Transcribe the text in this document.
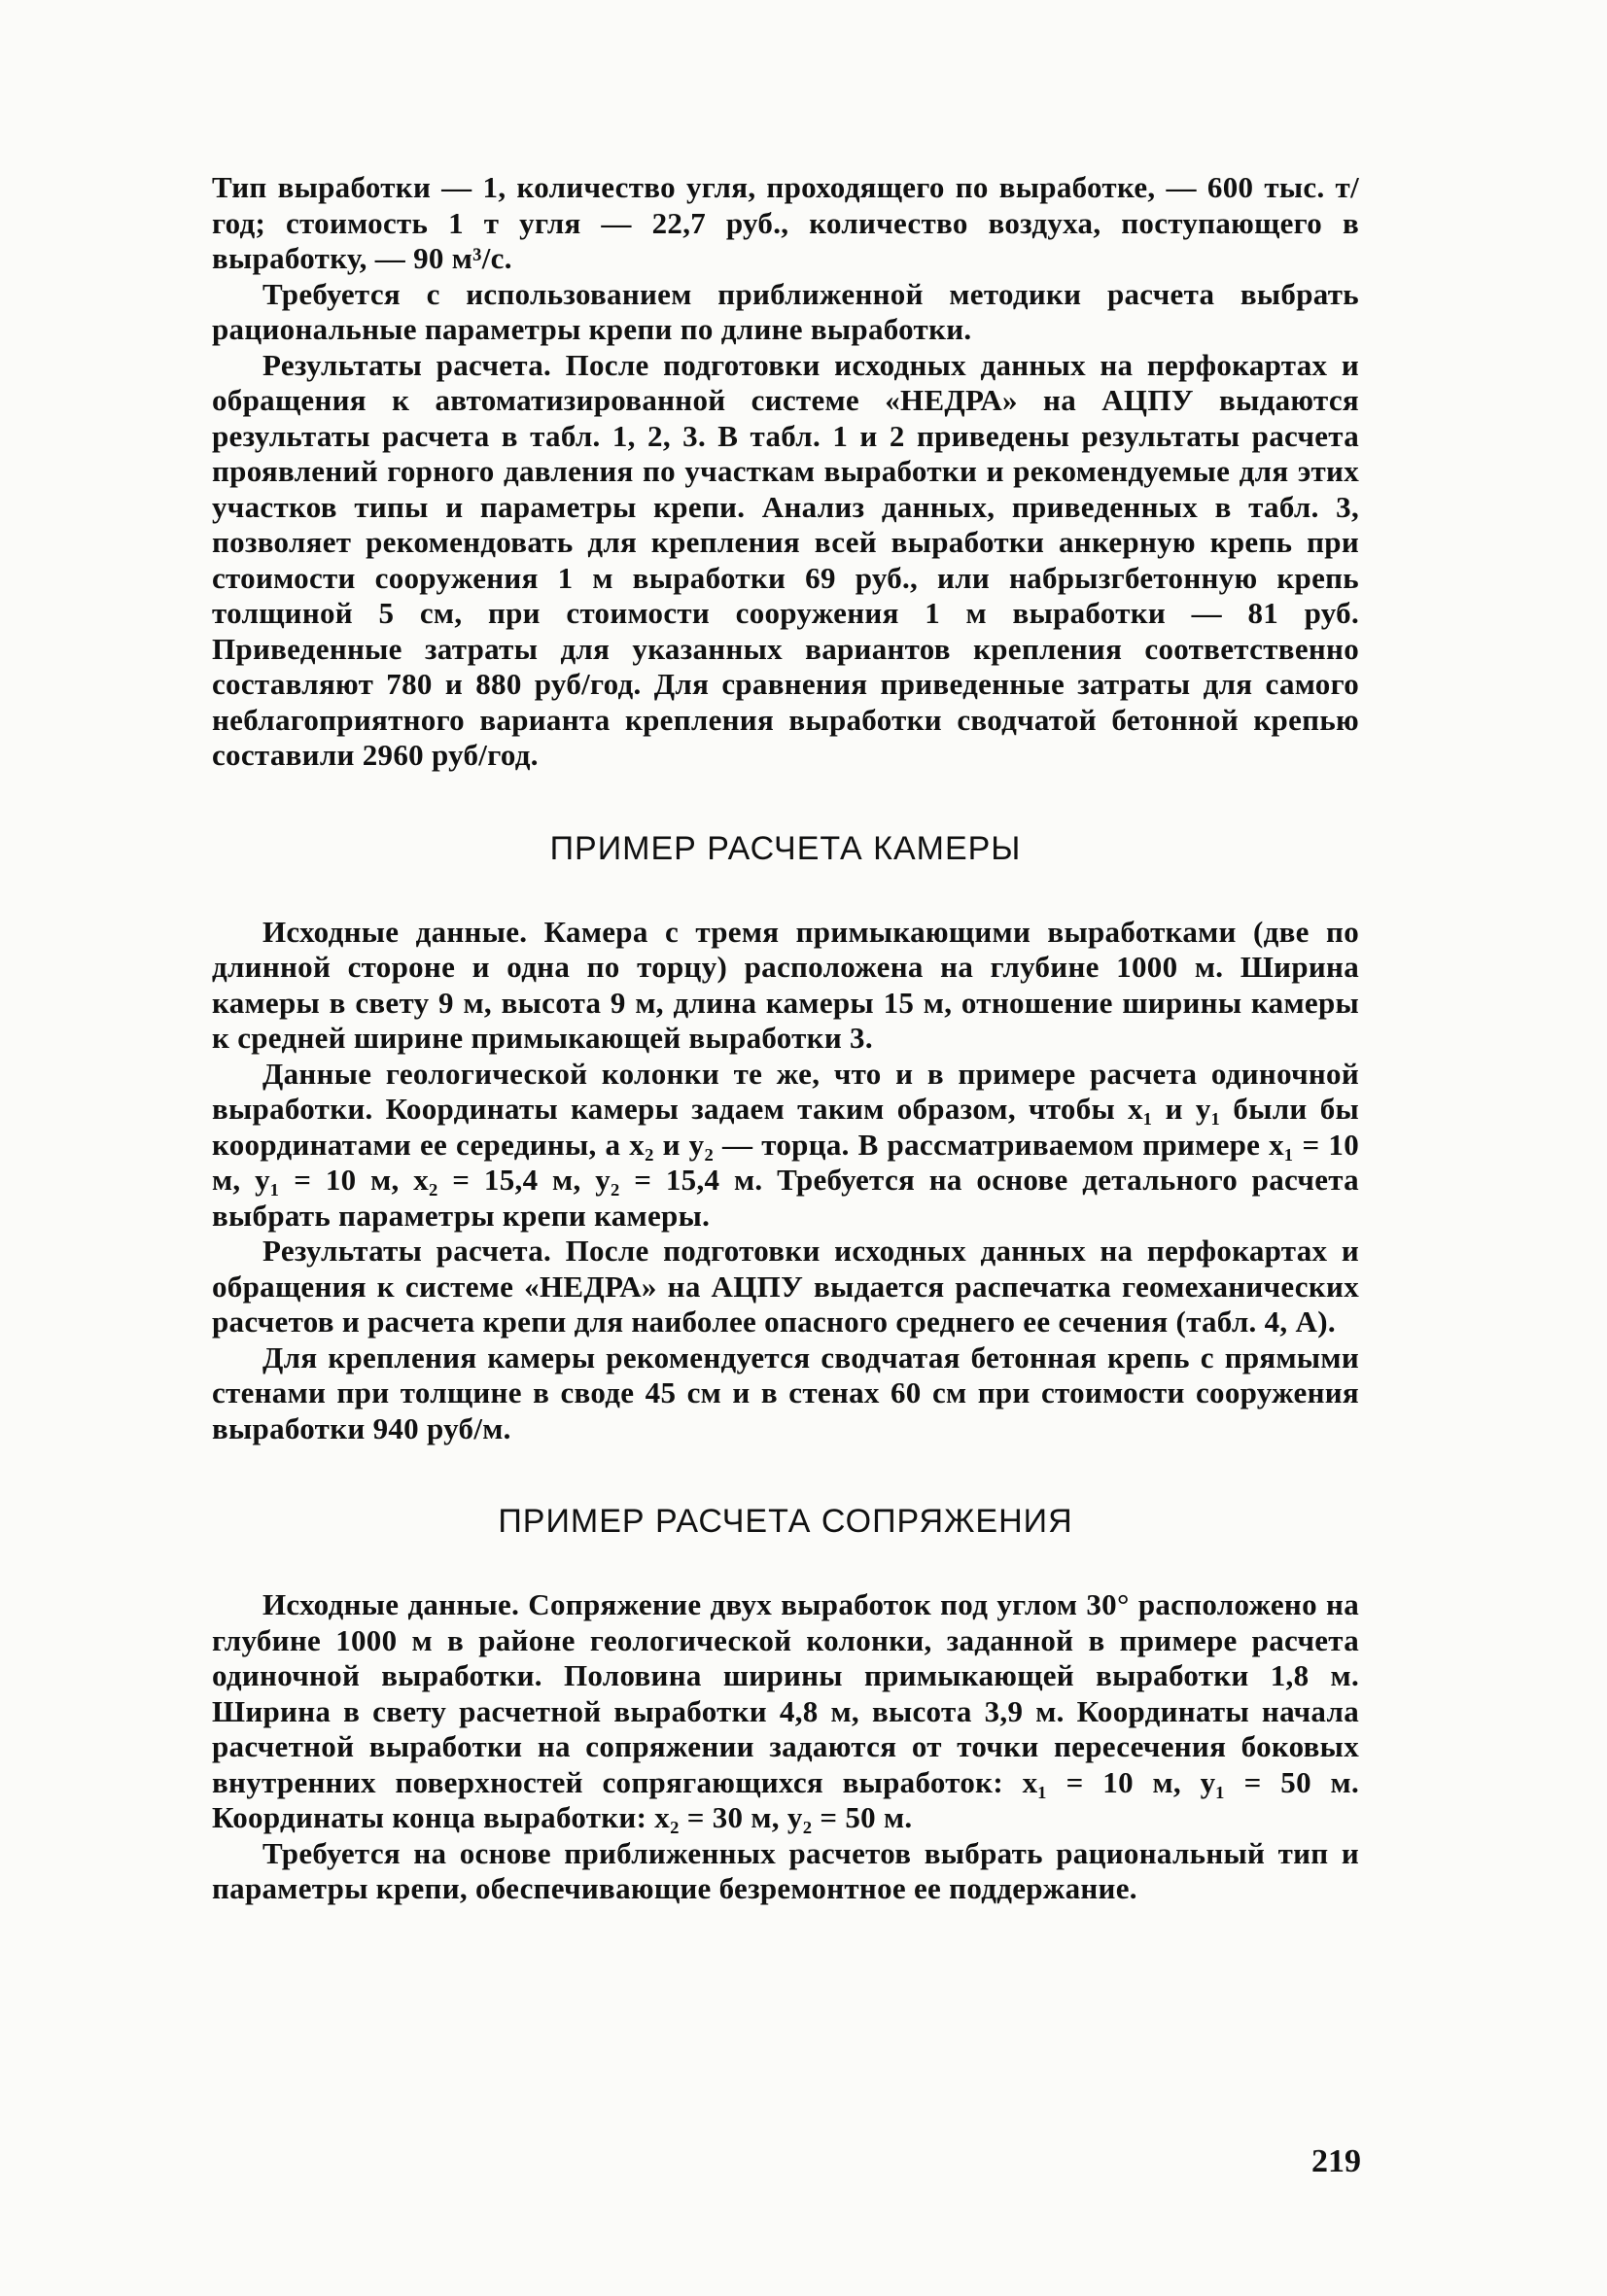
Тип выработки — 1, количество угля, проходящего по выработке, — 600 тыс. т/год; стоимость 1 т угля — 22,7 руб., количество воздуха, поступающего в выработку, — 90 м³/с.

Требуется с использованием приближенной методики расчета выбрать рациональные параметры крепи по длине выработки.

Результаты расчета. После подготовки исходных данных на перфокартах и обращения к автоматизированной системе «НЕДРА» на АЦПУ выдаются результаты расчета в табл. 1, 2, 3. В табл. 1 и 2 приведены результаты расчета проявлений горного давления по участкам выработки и рекомендуемые для этих участков типы и параметры крепи. Анализ данных, приведенных в табл. 3, позволяет рекомендовать для крепления всей выработки анкерную крепь при стоимости сооружения 1 м выработки 69 руб., или набрызгбетонную крепь толщиной 5 см, при стоимости сооружения 1 м выработки — 81 руб. Приведенные затраты для указанных вариантов крепления соответственно составляют 780 и 880 руб/год. Для сравнения приведенные затраты для самого неблагоприятного варианта крепления выработки сводчатой бетонной крепью составили 2960 руб/год.

ПРИМЕР РАСЧЕТА КАМЕРЫ

Исходные данные. Камера с тремя примыкающими выработками (две по длинной стороне и одна по торцу) расположена на глубине 1000 м. Ширина камеры в свету 9 м, высота 9 м, длина камеры 15 м, отношение ширины камеры к средней ширине примыкающей выработки 3.

Данные геологической колонки те же, что и в примере расчета одиночной выработки. Координаты камеры задаем таким образом, чтобы x₁ и y₁ были бы координатами ее середины, а x₂ и y₂ — торца. В рассматриваемом примере x₁ = 10 м, y₁ = 10 м, x₂ = 15,4 м, y₂ = 15,4 м. Требуется на основе детального расчета выбрать параметры крепи камеры.

Результаты расчета. После подготовки исходных данных на перфокартах и обращения к системе «НЕДРА» на АЦПУ выдается распечатка геомеханических расчетов и расчета крепи для наиболее опасного среднего ее сечения (табл. 4, А).

Для крепления камеры рекомендуется сводчатая бетонная крепь с прямыми стенами при толщине в своде 45 см и в стенах 60 см при стоимости сооружения выработки 940 руб/м.

ПРИМЕР РАСЧЕТА СОПРЯЖЕНИЯ

Исходные данные. Сопряжение двух выработок под углом 30° расположено на глубине 1000 м в районе геологической колонки, заданной в примере расчета одиночной выработки. Половина ширины примыкающей выработки 1,8 м. Ширина в свету расчетной выработки 4,8 м, высота 3,9 м. Координаты начала расчетной выработки на сопряжении задаются от точки пересечения боковых внутренних поверхностей сопрягающихся выработок: x₁ = 10 м, y₁ = 50 м. Координаты конца выработки: x₂ = 30 м, y₂ = 50 м.

Требуется на основе приближенных расчетов выбрать рациональный тип и параметры крепи, обеспечивающие безремонтное ее поддержание.

219
